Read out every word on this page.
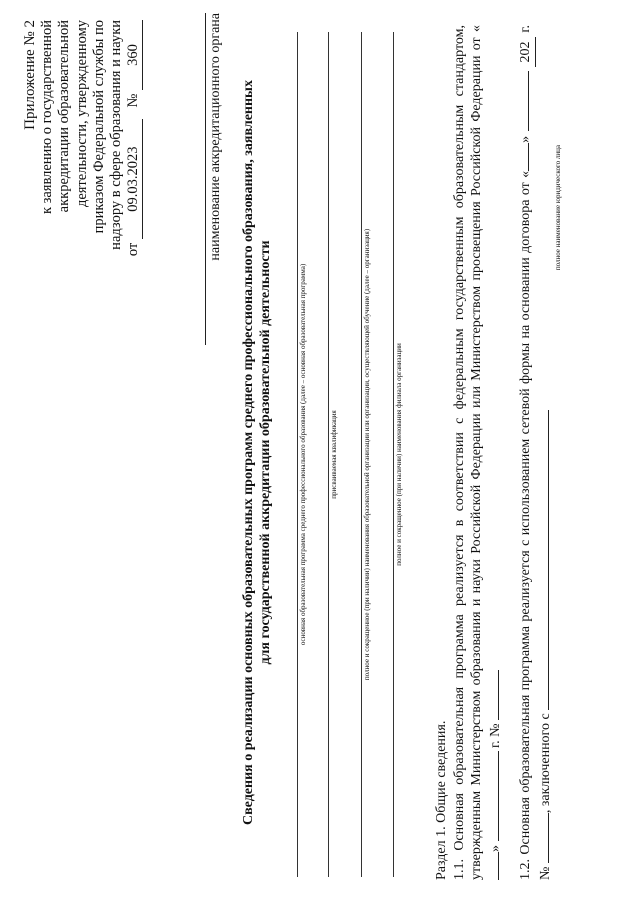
Приложение № 2 к заявлению о государственной аккредитации образовательной деятельности, утвержденному приказом Федеральной службы по надзору в сфере образования и науки от 09.03.2023 № 360	наименование аккредитационного органа Сведения о реализации основных образовательных программ среднего профессионального образования, заявленных для государственной аккредитации образовательной деятельности	основная образовательная программа среднего профессионального образования (далее – основная образовательная программа)	присваиваемая квалификация	полное и сокращенное (при наличии) наименования образовательной организации или организации, осуществляющей обучение (далее – организация)	полное и сокращенное (при наличии) наименования филиала организации

Раздел 1. Общие сведения. 1.1. Основная образовательная программа реализуется в соответствии с федеральным государственным образовательным стандартом, утвержденным Министерством образования и науки Российской Федерации или Министерством просвещения Российской Федерации от « »  г. № 1.2. Основная образовательная программа реализуется с использованием сетевой формы на основании договора от «»  202 г. № , заключенного с

полное наименование юридического лица
